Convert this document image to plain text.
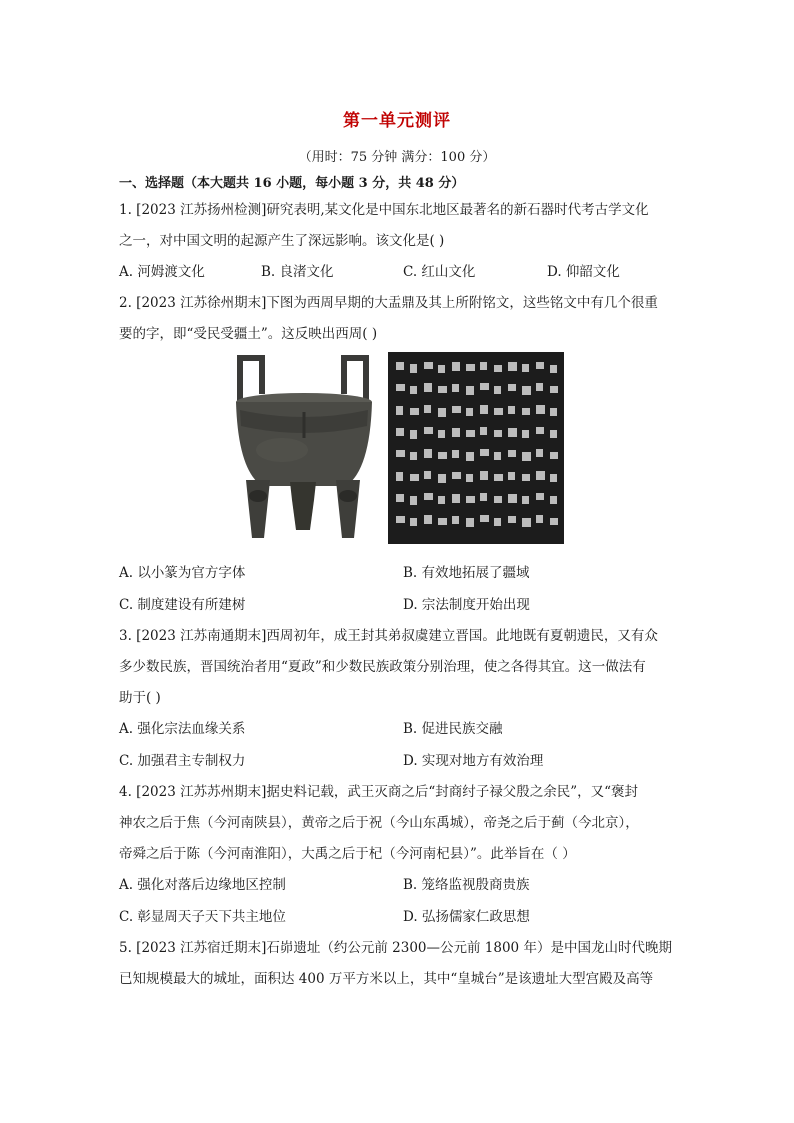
第一单元测评
（用时：75 分钟 满分：100 分）
一、选择题（本大题共 16 小题，每小题 3 分，共 48 分）
1. [2023 江苏扬州检测]研究表明,某文化是中国东北地区最著名的新石器时代考古学文化
之一，对中国文明的起源产生了深远影响。该文化是( )
A. 河姆渡文化	B. 良渚文化	C. 红山文化	D. 仰韶文化
2. [2023 江苏徐州期末]下图为西周早期的大盂鼎及其上所附铭文，这些铭文中有几个很重
要的字，即“受民受疆土”。这反映出西周( )
A. 以小篆为官方字体	B. 有效地拓展了疆域
C. 制度建设有所建树	D. 宗法制度开始出现
3. [2023 江苏南通期末]西周初年，成王封其弟叔虞建立晋国。此地既有夏朝遗民，又有众
多少数民族，晋国统治者用“夏政”和少数民族政策分别治理，使之各得其宜。这一做法有
助于( )
A. 强化宗法血缘关系	B. 促进民族交融
C. 加强君主专制权力	D. 实现对地方有效治理
4. [2023 江苏苏州期末]据史料记载，武王灭商之后“封商纣子禄父殷之余民”，又“褒封
神农之后于焦（今河南陕县），黄帝之后于祝（今山东禹城），帝尧之后于蓟（今北京），
帝舜之后于陈（今河南淮阳），大禹之后于杞（今河南杞县）”。此举旨在（ ）
A. 强化对落后边缘地区控制	B. 笼络监视殷商贵族
C. 彰显周天子天下共主地位	D. 弘扬儒家仁政思想
5. [2023 江苏宿迁期末]石峁遗址（约公元前 2300—公元前 1800 年）是中国龙山时代晚期
已知规模最大的城址，面积达 400 万平方米以上，其中“皇城台”是该遗址大型宫殿及高等
